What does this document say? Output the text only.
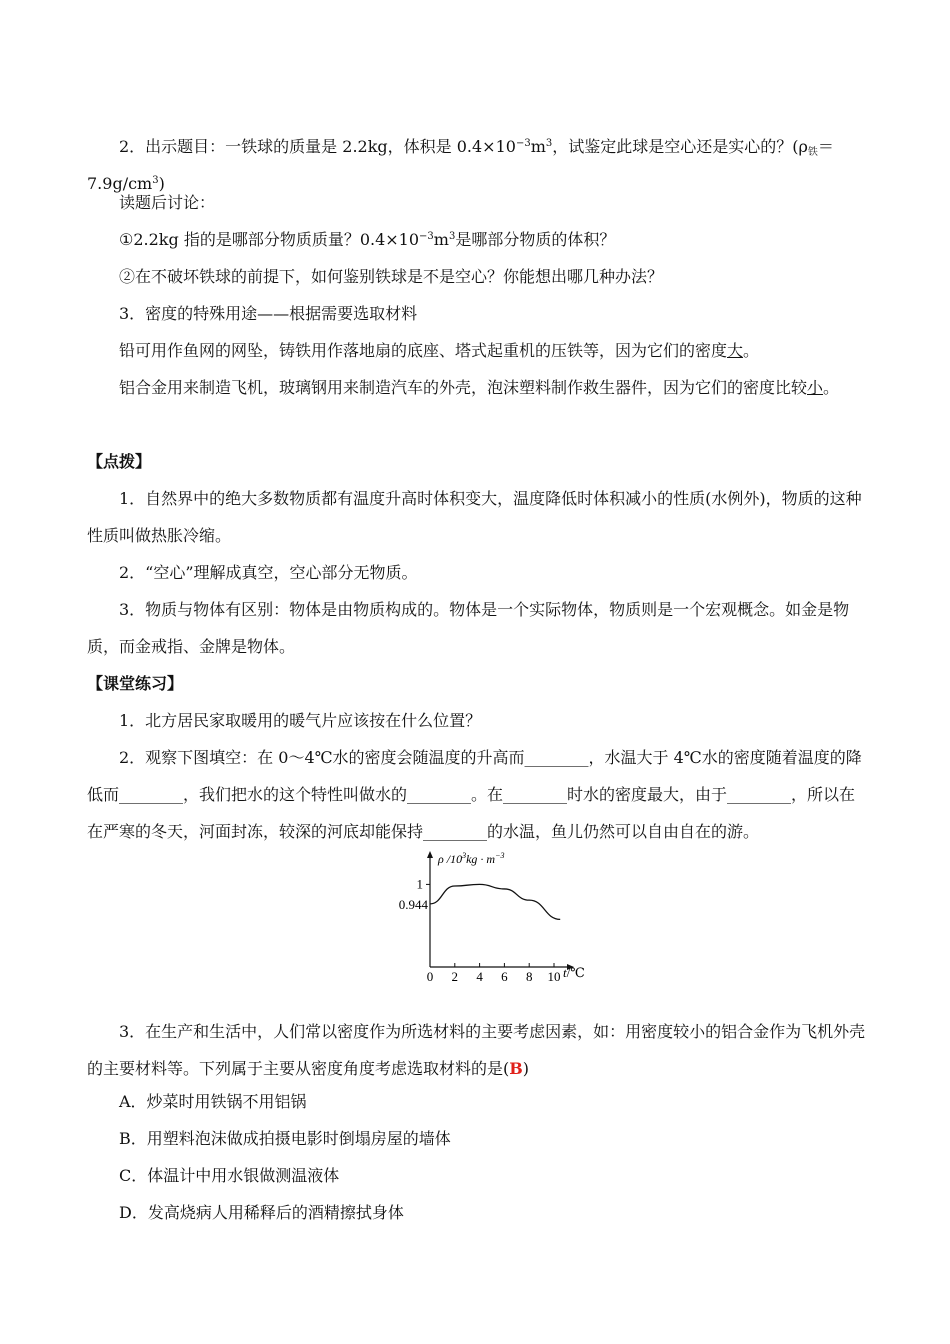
2．出示题目：一铁球的质量是 2.2kg，体积是 $0.4\times 10^{-3}m^3$，试鉴定此球是空心还是实心的？$(\rho_铁=7.9g/cm^3)$

读题后讨论：

①2.2kg 指的是哪部分物质质量？$0.4\times 10^{-3}m^3$是哪部分物质的体积？

②在不破坏铁球的前提下，如何鉴别铁球是不是空心？你能想出哪几种办法？

3．密度的特殊用途——根据需要选取材料

铅可用作鱼网的网坠，铸铁用作落地扇的底座、塔式起重机的压铁等，因为它们的密度大。

铝合金用来制造飞机，玻璃钢用来制造汽车的外壳，泡沫塑料制作救生器件，因为它们的密度比较小。

【点拨】

1．自然界中的绝大多数物质都有温度升高时体积变大，温度降低时体积减小的性质(水例外)，物质的这种性质叫做热胀冷缩。

2．“空心”理解成真空，空心部分无物质。

3．物质与物体有区别：物体是由物质构成的。物体是一个实际物体，物质则是一个宏观概念。如金是物质，而金戒指、金牌是物体。

【课堂练习】

1．北方居民家取暖用的暖气片应该按在什么位置？

2．观察下图填空：在 0～4℃水的密度会随温度的升高而________，水温大于 4℃水的密度随着温度的降低而________，我们把水的这个特性叫做水的________。在________时水的密度最大，由于________，所以在在严寒的冬天，河面封冻，较深的河底却能保持________的水温，鱼儿仍然可以自由自在的游。

ρ $/10^3kg \cdot m^{-3}$
0 2 4 6 8 10
1
0.944
t/℃

3．在生产和生活中，人们常以密度作为所选材料的主要考虑因素，如：用密度较小的铝合金作为飞机外壳的主要材料等。下列属于主要从密度角度考虑选取材料的是(B)

A．炒菜时用铁锅不用铝锅

B．用塑料泡沫做成拍摄电影时倒塌房屋的墙体

C．体温计中用水银做测温液体

D．发高烧病人用稀释后的酒精擦拭身体
